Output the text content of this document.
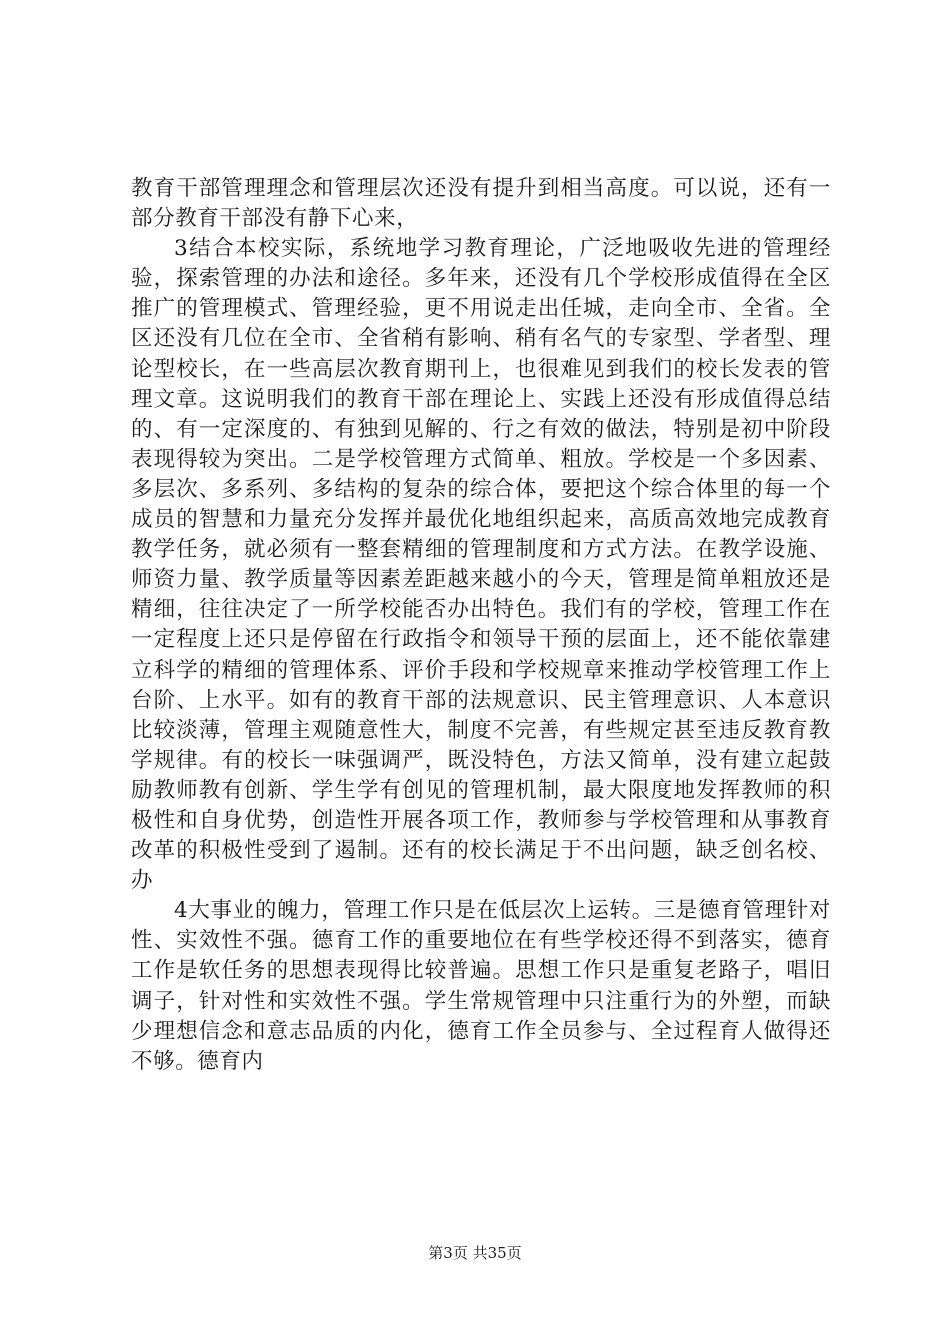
教育干部管理理念和管理层次还没有提升到相当高度。可以说，还有一部分教育干部没有静下心来，

3结合本校实际，系统地学习教育理论，广泛地吸收先进的管理经验，探索管理的办法和途径。多年来，还没有几个学校形成值得在全区推广的管理模式、管理经验，更不用说走出任城，走向全市、全省。全区还没有几位在全市、全省稍有影响、稍有名气的专家型、学者型、理论型校长，在一些高层次教育期刊上，也很难见到我们的校长发表的管理文章。这说明我们的教育干部在理论上、实践上还没有形成值得总结的、有一定深度的、有独到见解的、行之有效的做法，特别是初中阶段表现得较为突出。二是学校管理方式简单、粗放。学校是一个多因素、多层次、多系列、多结构的复杂的综合体，要把这个综合体里的每一个成员的智慧和力量充分发挥并最优化地组织起来，高质高效地完成教育教学任务，就必须有一整套精细的管理制度和方式方法。在教学设施、师资力量、教学质量等因素差距越来越小的今天，管理是简单粗放还是精细，往往决定了一所学校能否办出特色。我们有的学校，管理工作在一定程度上还只是停留在行政指令和领导干预的层面上，还不能依靠建立科学的精细的管理体系、评价手段和学校规章来推动学校管理工作上台阶、上水平。如有的教育干部的法规意识、民主管理意识、人本意识比较淡薄，管理主观随意性大，制度不完善，有些规定甚至违反教育教学规律。有的校长一味强调严，既没特色，方法又简单，没有建立起鼓励教师教有创新、学生学有创见的管理机制，最大限度地发挥教师的积极性和自身优势，创造性开展各项工作，教师参与学校管理和从事教育改革的积极性受到了遏制。还有的校长满足于不出问题，缺乏创名校、办

4大事业的魄力，管理工作只是在低层次上运转。三是德育管理针对性、实效性不强。德育工作的重要地位在有些学校还得不到落实，德育工作是软任务的思想表现得比较普遍。思想工作只是重复老路子，唱旧调子，针对性和实效性不强。学生常规管理中只注重行为的外塑，而缺少理想信念和意志品质的内化，德育工作全员参与、全过程育人做得还不够。德育内

第3页 共35页
